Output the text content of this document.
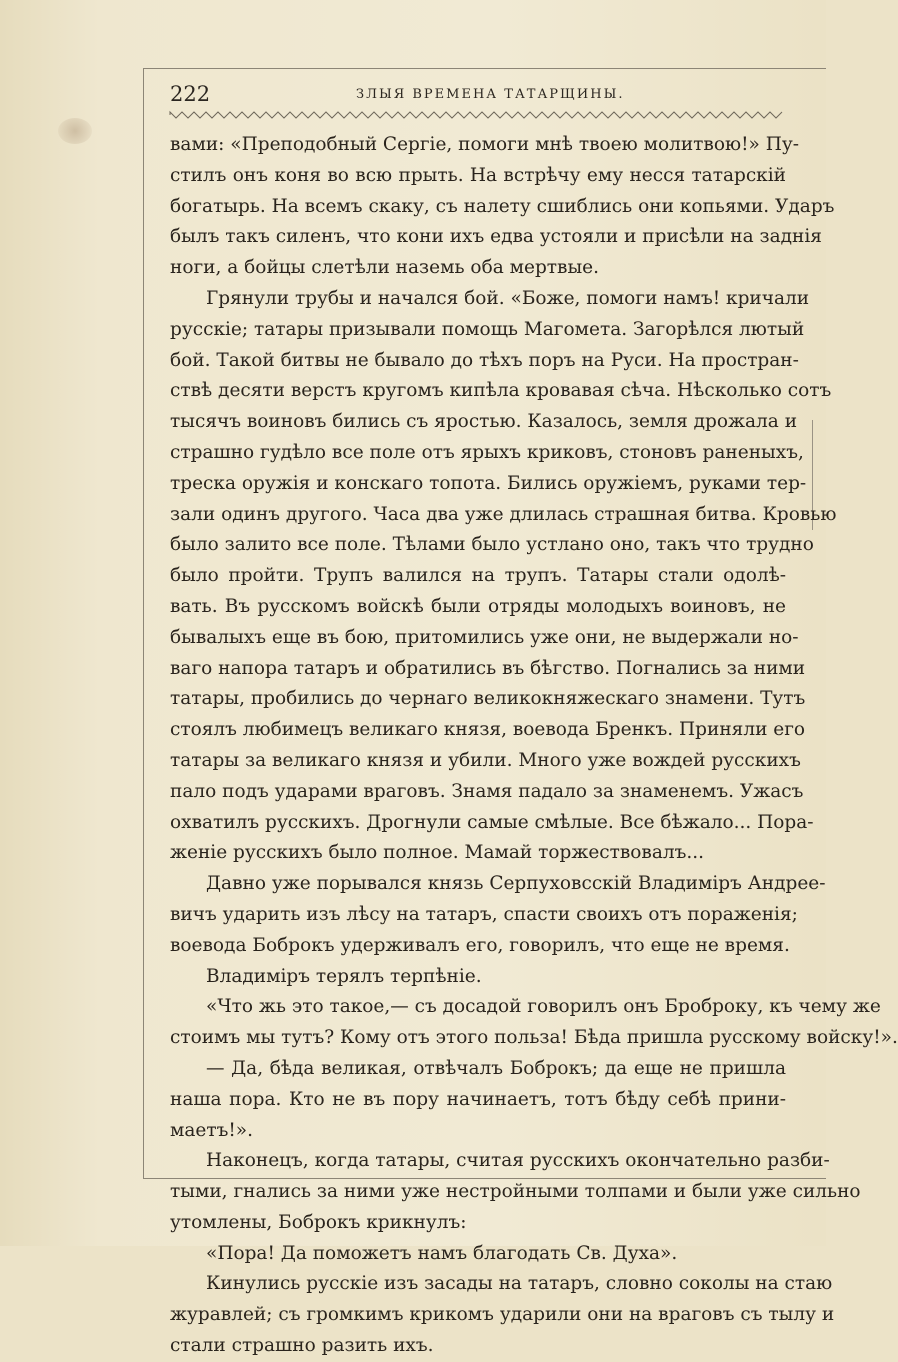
222	ЗЛЫЯ ВРЕМЕНА ТАТАРЩИНЫ.
вами: «Преподобный Сергіе, помоги мнѣ твоею молитвою!» Пу-
стилъ онъ коня во всю прыть. На встрѣчу ему несся татарскій
богатырь. На всемъ скаку, съ налету сшиблись они копьями. Ударъ
былъ такъ силенъ, что кони ихъ едва устояли и присѣли на заднія
ноги, а бойцы слетѣли наземь оба мертвые.
Грянули трубы и начался бой. «Боже, помоги намъ! кричали
русскіе; татары призывали помощь Магомета. Загорѣлся лютый
бой. Такой битвы не бывало до тѣхъ поръ на Руси. На простран-
ствѣ десяти верстъ кругомъ кипѣла кровавая сѣча. Нѣсколько сотъ
тысячъ воиновъ бились съ яростью. Казалось, земля дрожала и
страшно гудѣло все поле отъ ярыхъ криковъ, стоновъ раненыхъ,
треска оружія и конскаго топота. Бились оружіемъ, руками тер-
зали одинъ другого. Часа два уже длилась страшная битва. Кровью
было залито все поле. Тѣлами было устлано оно, такъ что трудно
было пройти. Трупъ валился на трупъ. Татары стали одолѣ-
вать. Въ русскомъ войскѣ были отряды молодыхъ воиновъ, не
бывалыхъ еще въ бою, притомились уже они, не выдержали но-
ваго напора татаръ и обратились въ бѣгство. Погнались за ними
татары, пробились до чернаго великокняжескаго знамени. Тутъ
стоялъ любимецъ великаго князя, воевода Бренкъ. Приняли его
татары за великаго князя и убили. Много уже вождей русскихъ
пало подъ ударами враговъ. Знамя падало за знаменемъ. Ужасъ
охватилъ русскихъ. Дрогнули самые смѣлые. Все бѣжало... Пора-
женіе русскихъ было полное. Мамай торжествовалъ...
Давно уже порывался князь Серпуховсскій Владиміръ Андрее-
вичъ ударить изъ лѣсу на татаръ, спасти своихъ отъ пораженія;
воевода Боброкъ удерживалъ его, говорилъ, что еще не время.
Владиміръ терялъ терпѣніе.
«Что жь это такое,— съ досадой говорилъ онъ Броброку, къ чему же
стоимъ мы тутъ? Кому отъ этого польза! Бѣда пришла русскому войску!».
— Да, бѣда великая, отвѣчалъ Боброкъ; да еще не пришла
наша пора. Кто не въ пору начинаетъ, тотъ бѣду себѣ прини-
маетъ!».
Наконецъ, когда татары, считая русскихъ окончательно разби-
тыми, гнались за ними уже нестройными толпами и были уже сильно
утомлены, Боброкъ крикнулъ:
«Пора! Да поможетъ намъ благодать Св. Духа».
Кинулись русскіе изъ засады на татаръ, словно соколы на стаю
журавлей; съ громкимъ крикомъ ударили они на враговъ съ тылу и
стали страшно разить ихъ.
